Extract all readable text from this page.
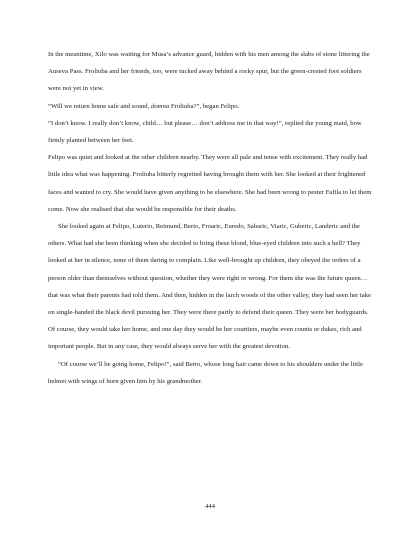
In the meantime, Xilo was waiting for Musa’s advance guard, hidden with his men among the slabs of stone littering the Auseva Pass. Froliuba and her friends, too, were tucked away behind a rocky spur, but the green-crested foot soldiers were not yet in view.

“Will we return home safe and sound, domna Froliuba?”, began Felipo.

“I don’t know. I really don’t know, child… but please… don’t address me in that way!”, replied the young maid, bow firmly planted between her feet.

Felipo was quiet and looked at the other children nearby. They were all pale and tense with excitement. They really had little idea what was happening. Froliuba bitterly regretted having brought them with her. She looked at their frightened faces and wanted to cry. She would have given anything to be elsewhere. She had been wrong to pester Fafila to let them come. Now she realised that she would be responsible for their deaths.

She looked again at Felipo, Luterio, Reimund, Berto, Froaric, Euredo, Sabaric, Viaric, Guberic, Landeric and the others. What had she been thinking when she decided to bring these blond, blue-eyed children into such a hell? They looked at her in silence, none of them daring to complain. Like well-brought up children, they obeyed the orders of a person older than themselves without question, whether they were right or wrong. For them she was the future queen… that was what their parents had told them. And then, hidden in the larch woods of the other valley, they had seen her take on single-handed the black devil pursuing her. They were there partly to defend their queen. They were her bodyguards. Of course, they would take her home, and one day they would be her courtiers, maybe even counts or dukes, rich and important people. But in any case, they would always serve her with the greatest devotion.

“Of course we’ll be going home, Felipo!”, said Berto, whose long hair came down to his shoulders under the little helmet with wings of horn given him by his grandmother.

444
